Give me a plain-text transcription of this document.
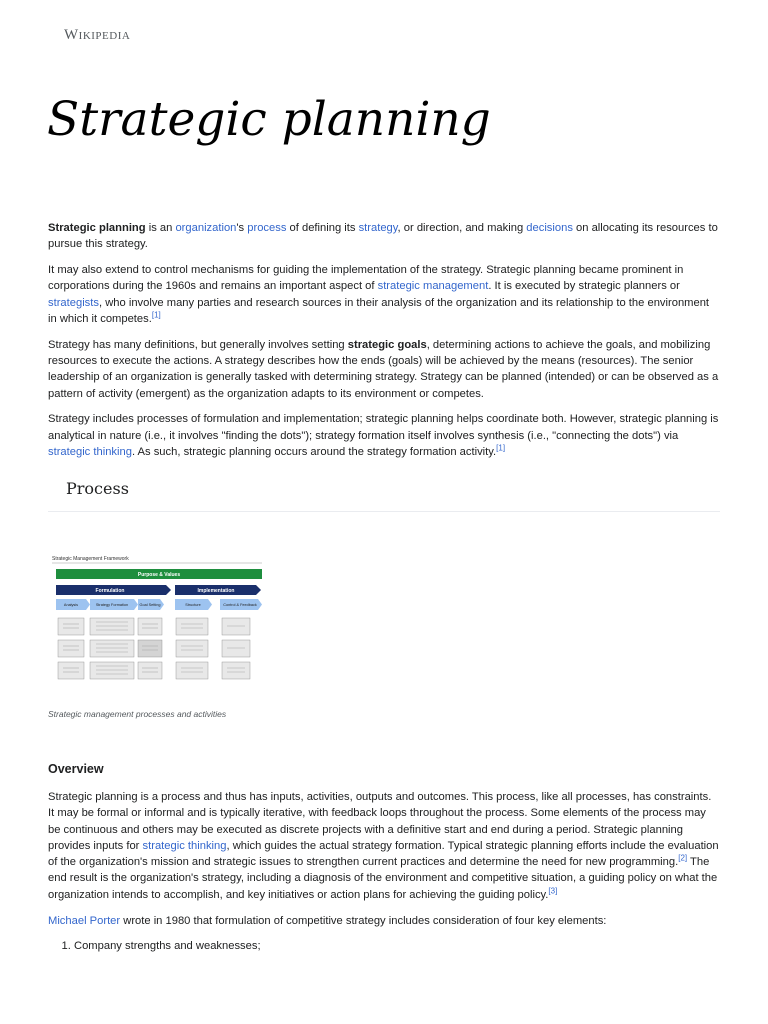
Wikipedia
Strategic planning

Strategic planning is an organization's process of defining its strategy, or direction, and making decisions on allocating its resources to pursue this strategy.

It may also extend to control mechanisms for guiding the implementation of the strategy. Strategic planning became prominent in corporations during the 1960s and remains an important aspect of strategic management. It is executed by strategic planners or strategists, who involve many parties and research sources in their analysis of the organization and its relationship to the environment in which it competes.[1]

Strategy has many definitions, but generally involves setting strategic goals, determining actions to achieve the goals, and mobilizing resources to execute the actions. A strategy describes how the ends (goals) will be achieved by the means (resources). The senior leadership of an organization is generally tasked with determining strategy. Strategy can be planned (intended) or can be observed as a pattern of activity (emergent) as the organization adapts to its environment or competes.

Strategy includes processes of formulation and implementation; strategic planning helps coordinate both. However, strategic planning is analytical in nature (i.e., it involves "finding the dots"); strategy formation itself involves synthesis (i.e., "connecting the dots") via strategic thinking. As such, strategic planning occurs around the strategy formation activity.[1]

Process
Strategic Management Framework
Purpose & Values
Formulation	Implementation
Analysis	Strategy Formation	Goal Setting	Structure	Control & Feedback
Strategic management processes and activities
Overview

Strategic planning is a process and thus has inputs, activities, outputs and outcomes. This process, like all processes, has constraints. It may be formal or informal and is typically iterative, with feedback loops throughout the process. Some elements of the process may be continuous and others may be executed as discrete projects with a definitive start and end during a period. Strategic planning provides inputs for strategic thinking, which guides the actual strategy formation. Typical strategic planning efforts include the evaluation of the organization's mission and strategic issues to strengthen current practices and determine the need for new programming.[2] The end result is the organization's strategy, including a diagnosis of the environment and competitive situation, a guiding policy on what the organization intends to accomplish, and key initiatives or action plans for achieving the guiding policy.[3]

Michael Porter wrote in 1980 that formulation of competitive strategy includes consideration of four key elements:

1. Company strengths and weaknesses;
